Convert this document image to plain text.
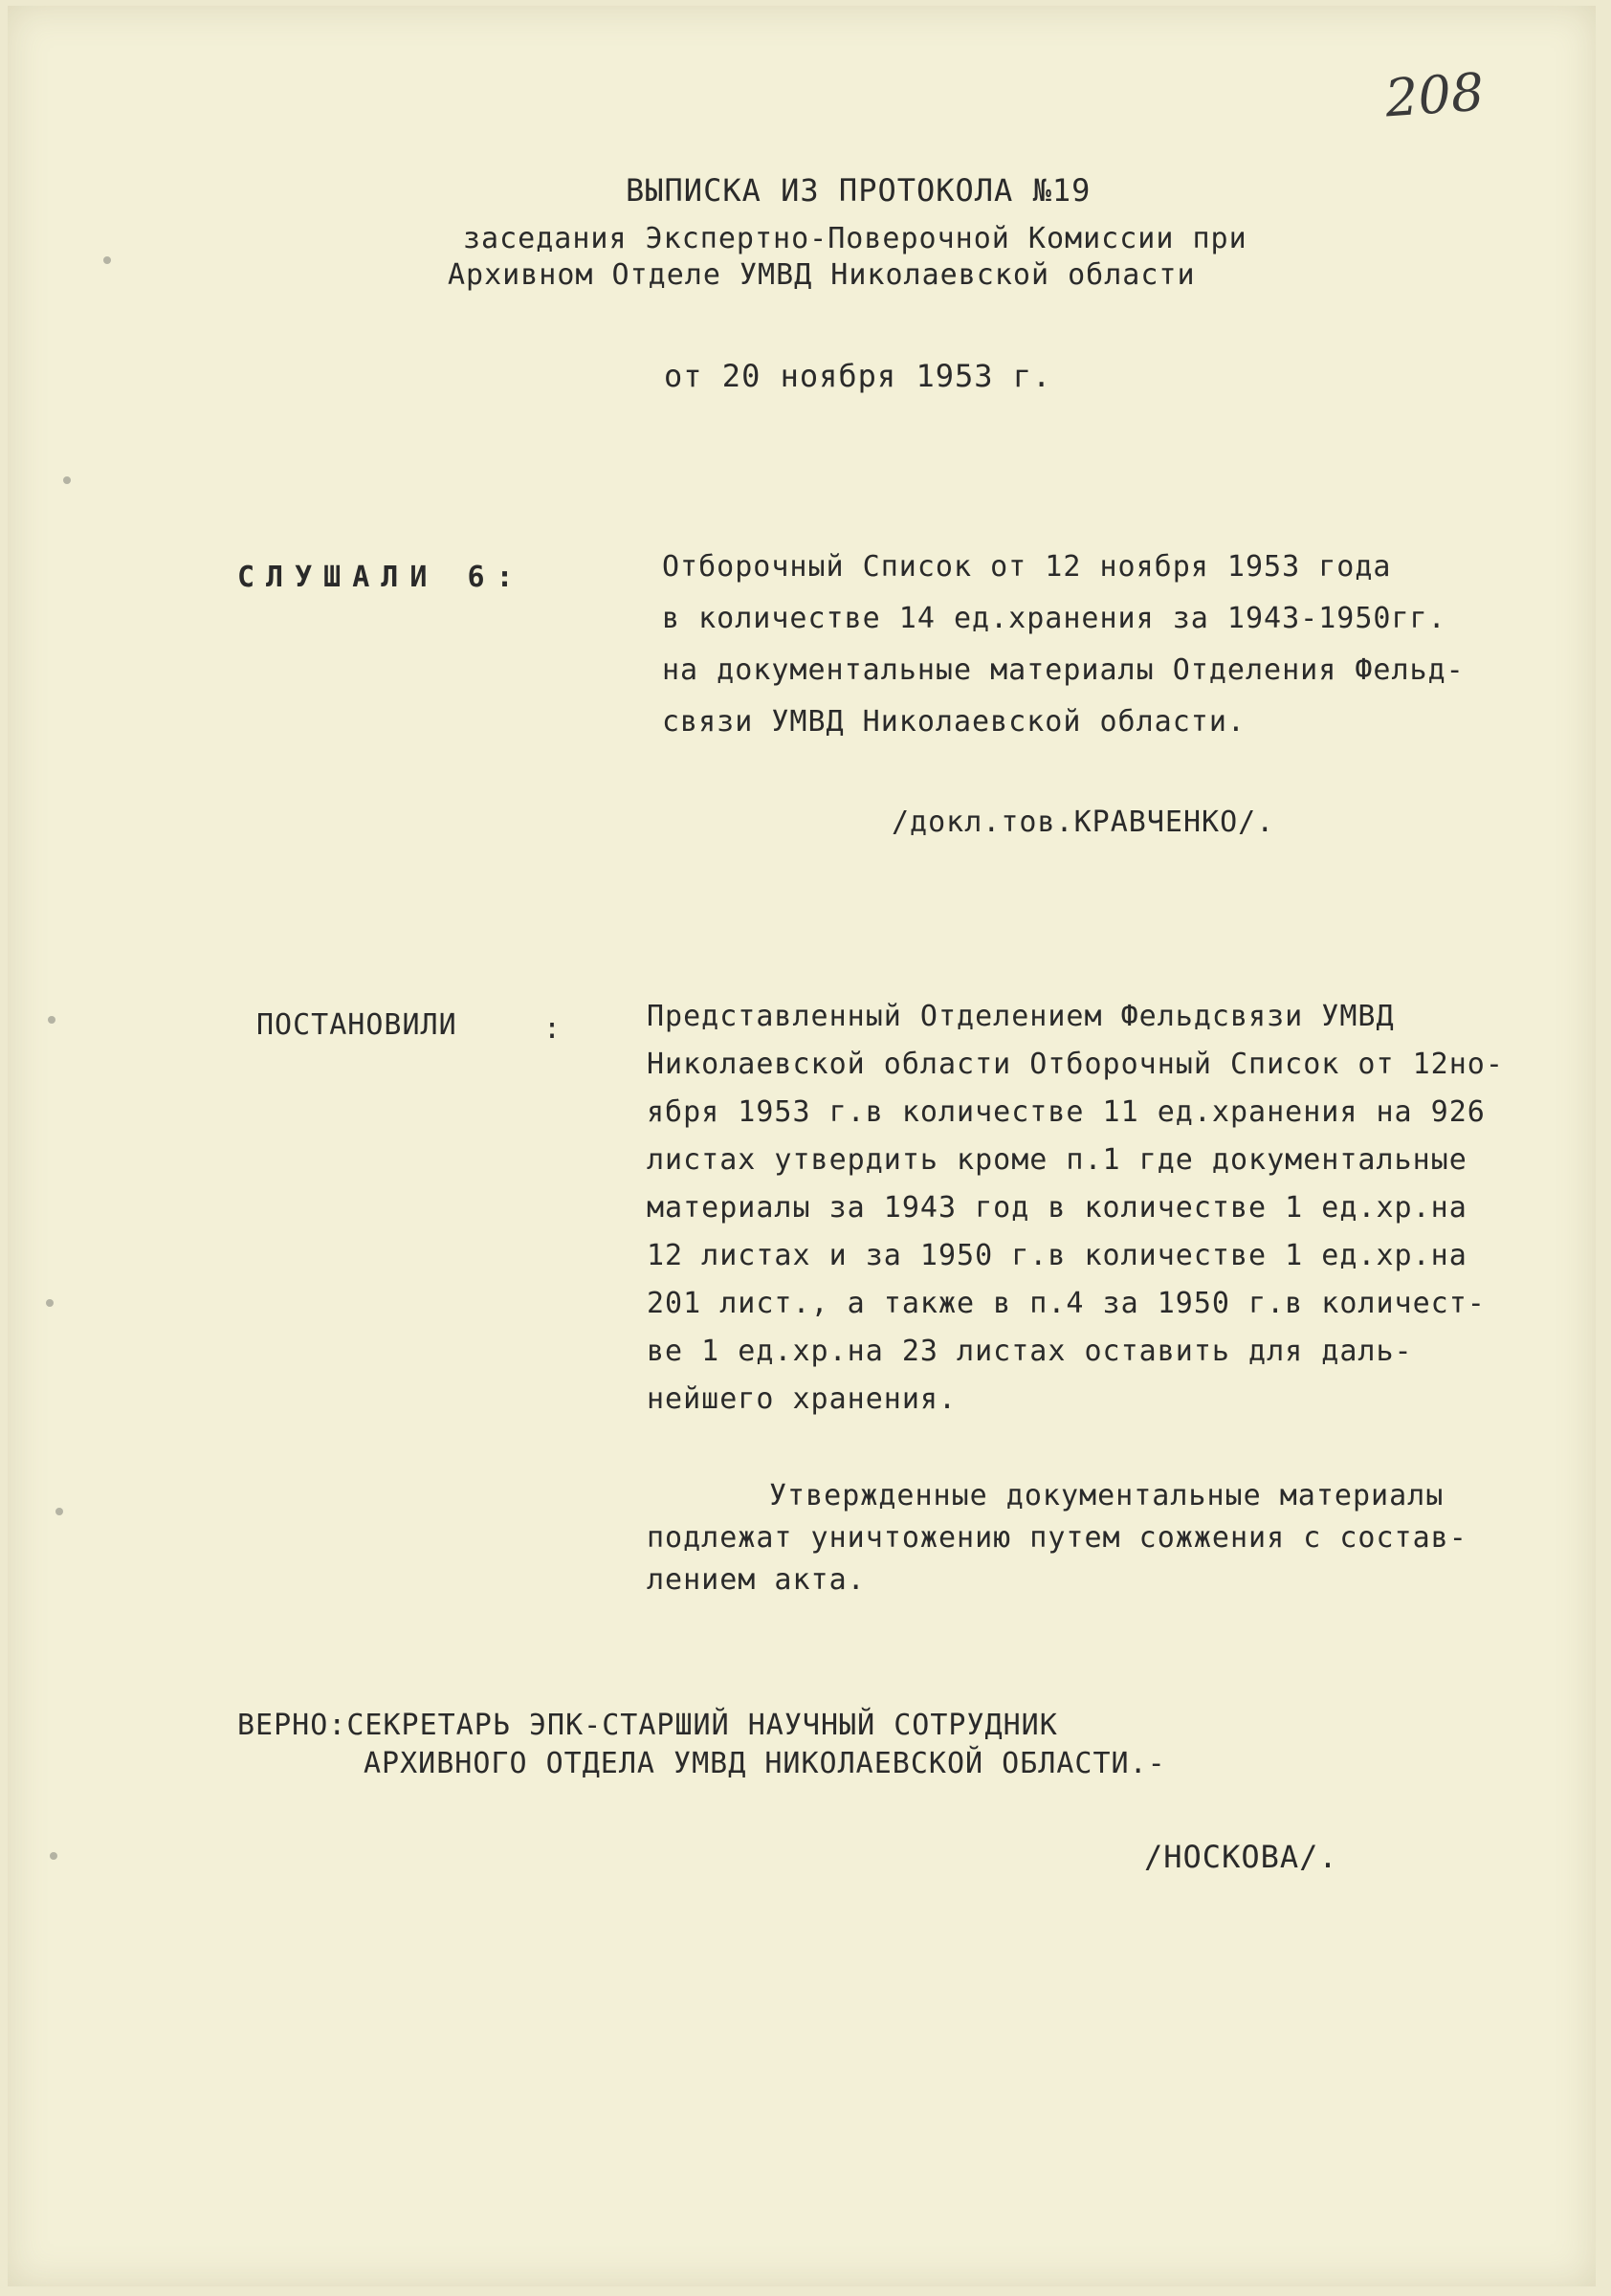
208
ВЫПИСКА ИЗ ПРОТОКОЛА №19
заседания Экспертно-Поверочной Комиссии при
Архивном Отделе УМВД Николаевской области
от 20 ноября 1953 г.
СЛУШАЛИ 6:	Отборочный Список от 12 ноября 1953 года
в количестве 14 ед.хранения за 1943-1950гг.
на документальные материалы Отделения Фельд-
связи УМВД Николаевской области.
/докл.тов.КРАВЧЕНКО/.
ПОСТАНОВИЛИ	:	Представленный Отделением Фельдсвязи УМВД
Николаевской области Отборочный Список от 12но-
ября 1953 г.в количестве 11 ед.хранения на 926
листах утвердить кроме п.1 где документальные
материалы за 1943 год в количестве 1 ед.хр.на
12 листах и за 1950 г.в количестве 1 ед.хр.на
201 лист., а также в п.4 за 1950 г.в количест-
ве 1 ед.хр.на 23 листах оставить для даль-
нейшего хранения.
Утвержденные документальные материалы
подлежат уничтожению путем сожжения с состав-
лением акта.
ВЕРНО:СЕКРЕТАРЬ ЭПК-СТАРШИЙ НАУЧНЫЙ СОТРУДНИК
АРХИВНОГО ОТДЕЛА УМВД НИКОЛАЕВСКОЙ ОБЛАСТИ.-
/НОСКОВА/.
